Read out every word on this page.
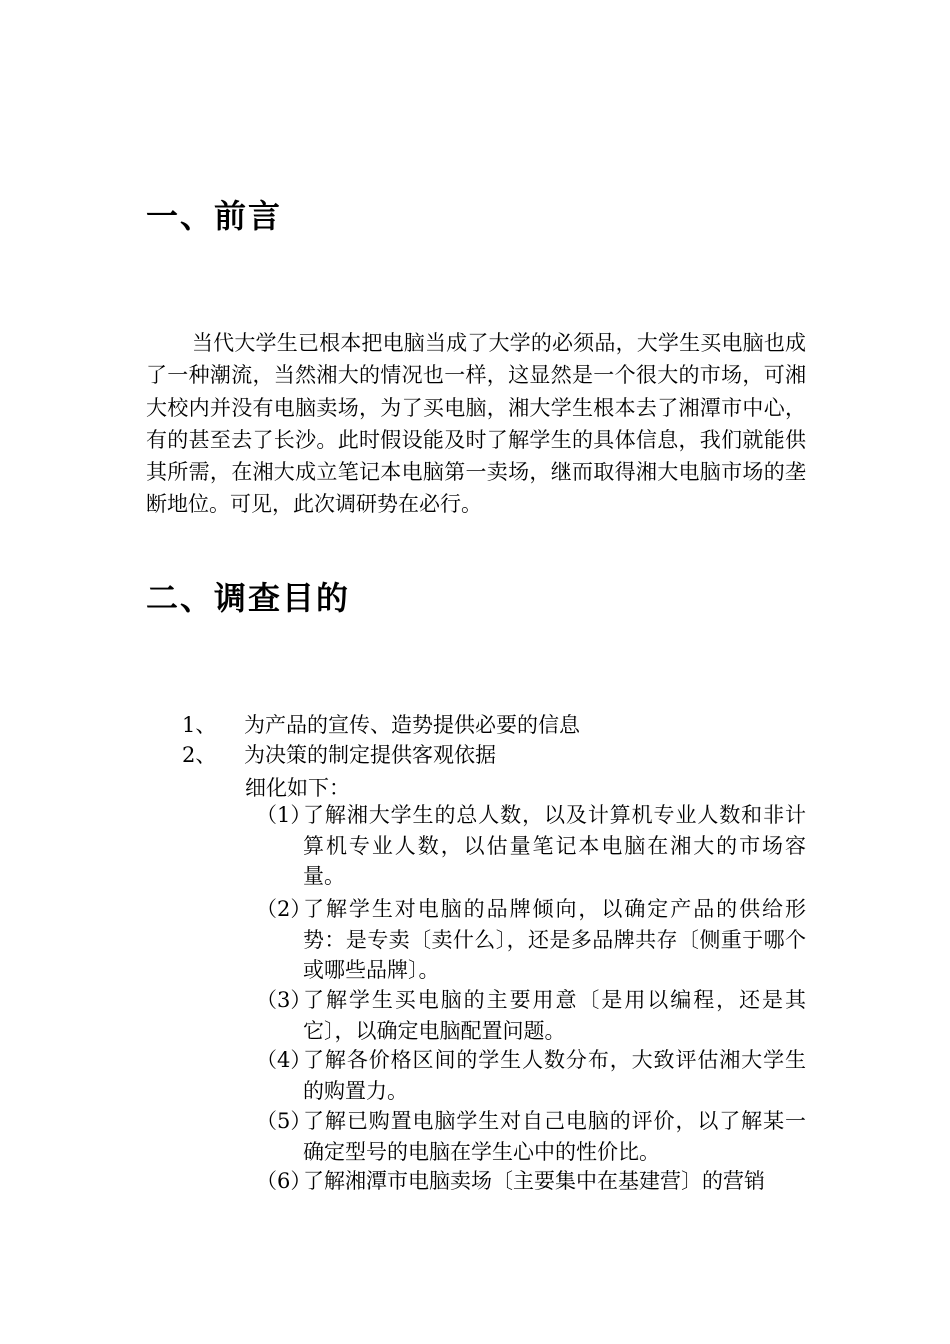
一、前言

当代大学生已根本把电脑当成了大学的必须品，大学生买电脑也成了一种潮流，当然湘大的情况也一样，这显然是一个很大的市场，可湘大校内并没有电脑卖场，为了买电脑，湘大学生根本去了湘潭市中心，有的甚至去了长沙。此时假设能及时了解学生的具体信息，我们就能供其所需，在湘大成立笔记本电脑第一卖场，继而取得湘大电脑市场的垄断地位。可见，此次调研势在必行。

二、调查目的
1、 为产品的宣传、造势提供必要的信息
2、 为决策的制定提供客观依据
细化如下：
（1）
了解湘大学生的总人数，以及计算机专业人数和非计算机专业人数，以估量笔记本电脑在湘大的市场容量。
（2）
了解学生对电脑的品牌倾向，以确定产品的供给形势：是专卖〔卖什么〕，还是多品牌共存〔侧重于哪个或哪些品牌〕。
（3）
了解学生买电脑的主要用意〔是用以编程，还是其它〕，以确定电脑配置问题。
（4）
了解各价格区间的学生人数分布，大致评估湘大学生的购置力。
（5）
了解已购置电脑学生对自己电脑的评价，以了解某一确定型号的电脑在学生心中的性价比。
（6）
了解湘潭市电脑卖场〔主要集中在基建营〕的营销
